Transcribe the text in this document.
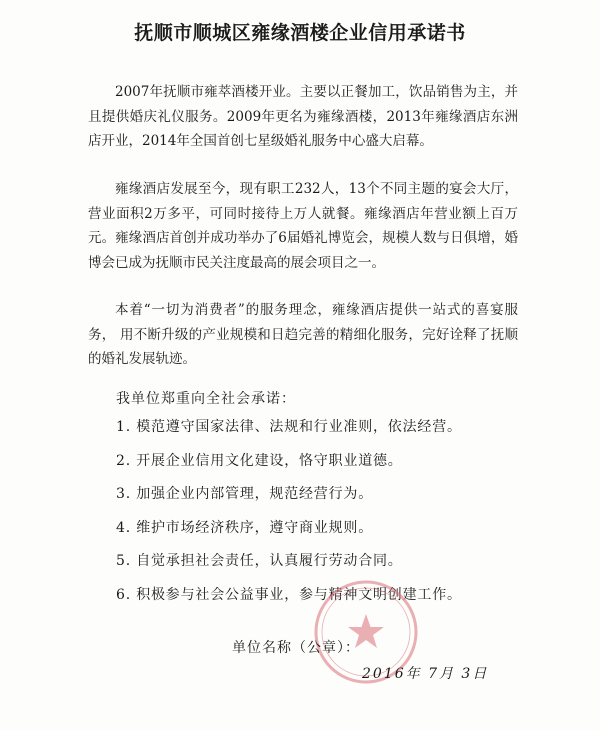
抚顺市顺城区雍缘酒楼企业信用承诺书

2007年抚顺市雍萃酒楼开业。主要以正餐加工，饮品销售为主，并且提供婚庆礼仪服务。2009年更名为雍缘酒楼，2013年雍缘酒店东洲店开业，2014年全国首创七星级婚礼服务中心盛大启幕。

雍缘酒店发展至今，现有职工232人，13个不同主题的宴会大厅，营业面积2万多平，可同时接待上万人就餐。雍缘酒店年营业额上百万元。雍缘酒店首创并成功举办了6届婚礼博览会，规模人数与日俱增，婚博会已成为抚顺市民关注度最高的展会项目之一。

本着“一切为消费者”的服务理念，雍缘酒店提供一站式的喜宴服务， 用不断升级的产业规模和日趋完善的精细化服务，完好诠释了抚顺的婚礼发展轨迹。

我单位郑重向全社会承诺：
1. 模范遵守国家法律、法规和行业准则，依法经营。
2. 开展企业信用文化建设，恪守职业道德。
3. 加强企业内部管理，规范经营行为。
4. 维护市场经济秩序，遵守商业规则。
5. 自觉承担社会责任，认真履行劳动合同。
6. 积极参与社会公益事业，参与精神文明创建工作。
单位名称（公章）：
2016年 7月 3日
